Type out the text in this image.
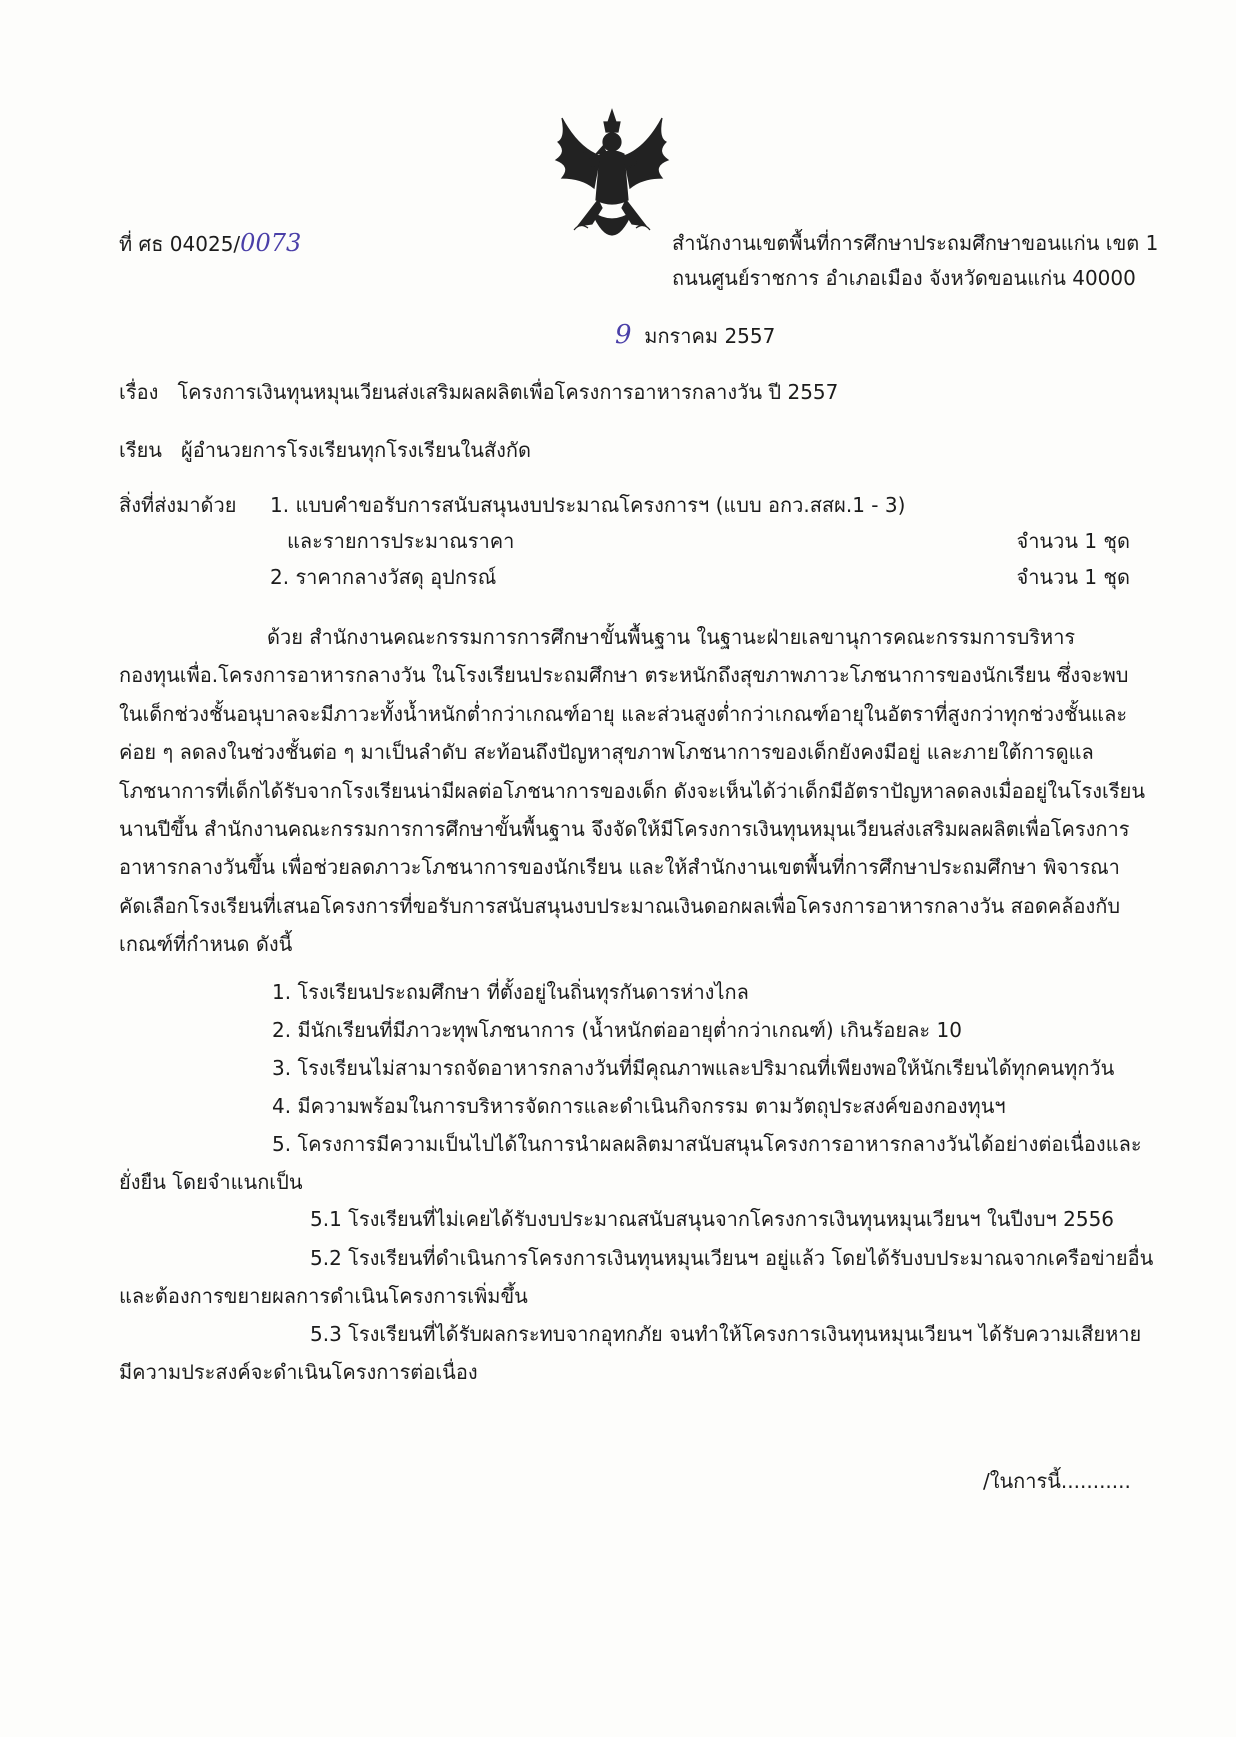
ที่ ศธ 04025/0073	สำนักงานเขตพื้นที่การศึกษาประถมศึกษาขอนแก่น เขต 1
ถนนศูนย์ราชการ อำเภอเมือง จังหวัดขอนแก่น 40000
9 มกราคม 2557
เรื่อง โครงการเงินทุนหมุนเวียนส่งเสริมผลผลิตเพื่อโครงการอาหารกลางวัน ปี 2557
เรียน ผู้อำนวยการโรงเรียนทุกโรงเรียนในสังกัด
สิ่งที่ส่งมาด้วย 1. แบบคำขอรับการสนับสนุนงบประมาณโครงการฯ (แบบ อกว.สสผ.1 - 3)
และรายการประมาณราคา	จำนวน 1 ชุด
2. ราคากลางวัสดุ อุปกรณ์	จำนวน 1 ชุด
ด้วย สำนักงานคณะกรรมการการศึกษาขั้นพื้นฐาน ในฐานะฝ่ายเลขานุการคณะกรรมการบริหาร
กองทุนเพื่อ.โครงการอาหารกลางวัน ในโรงเรียนประถมศึกษา ตระหนักถึงสุขภาพภาวะโภชนาการของนักเรียน ซึ่งจะพบ
ในเด็กช่วงชั้นอนุบาลจะมีภาวะทั้งน้ำหนักต่ำกว่าเกณฑ์อายุ และส่วนสูงต่ำกว่าเกณฑ์อายุในอัตราที่สูงกว่าทุกช่วงชั้นและ
ค่อย ๆ ลดลงในช่วงชั้นต่อ ๆ มาเป็นลำดับ สะท้อนถึงปัญหาสุขภาพโภชนาการของเด็กยังคงมีอยู่ และภายใต้การดูแล
โภชนาการที่เด็กได้รับจากโรงเรียนน่ามีผลต่อโภชนาการของเด็ก ดังจะเห็นได้ว่าเด็กมีอัตราปัญหาลดลงเมื่ออยู่ในโรงเรียน
นานปีขึ้น สำนักงานคณะกรรมการการศึกษาขั้นพื้นฐาน จึงจัดให้มีโครงการเงินทุนหมุนเวียนส่งเสริมผลผลิตเพื่อโครงการ
อาหารกลางวันขึ้น เพื่อช่วยลดภาวะโภชนาการของนักเรียน และให้สำนักงานเขตพื้นที่การศึกษาประถมศึกษา พิจารณา
คัดเลือกโรงเรียนที่เสนอโครงการที่ขอรับการสนับสนุนงบประมาณเงินดอกผลเพื่อโครงการอาหารกลางวัน สอดคล้องกับ
เกณฑ์ที่กำหนด ดังนี้
1. โรงเรียนประถมศึกษา ที่ตั้งอยู่ในถิ่นทุรกันดารห่างไกล
2. มีนักเรียนที่มีภาวะทุพโภชนาการ (น้ำหนักต่ออายุต่ำกว่าเกณฑ์) เกินร้อยละ 10
3. โรงเรียนไม่สามารถจัดอาหารกลางวันที่มีคุณภาพและปริมาณที่เพียงพอให้นักเรียนได้ทุกคนทุกวัน
4. มีความพร้อมในการบริหารจัดการและดำเนินกิจกรรม ตามวัตถุประสงค์ของกองทุนฯ
5. โครงการมีความเป็นไปได้ในการนำผลผลิตมาสนับสนุนโครงการอาหารกลางวันได้อย่างต่อเนื่องและ
ยั่งยืน โดยจำแนกเป็น
5.1 โรงเรียนที่ไม่เคยได้รับงบประมาณสนับสนุนจากโครงการเงินทุนหมุนเวียนฯ ในปีงบฯ 2556
5.2 โรงเรียนที่ดำเนินการโครงการเงินทุนหมุนเวียนฯ อยู่แล้ว โดยได้รับงบประมาณจากเครือข่ายอื่น
และต้องการขยายผลการดำเนินโครงการเพิ่มขึ้น
5.3 โรงเรียนที่ได้รับผลกระทบจากอุทกภัย จนทำให้โครงการเงินทุนหมุนเวียนฯ ได้รับความเสียหาย
มีความประสงค์จะดำเนินโครงการต่อเนื่อง
/ในการนี้...........
